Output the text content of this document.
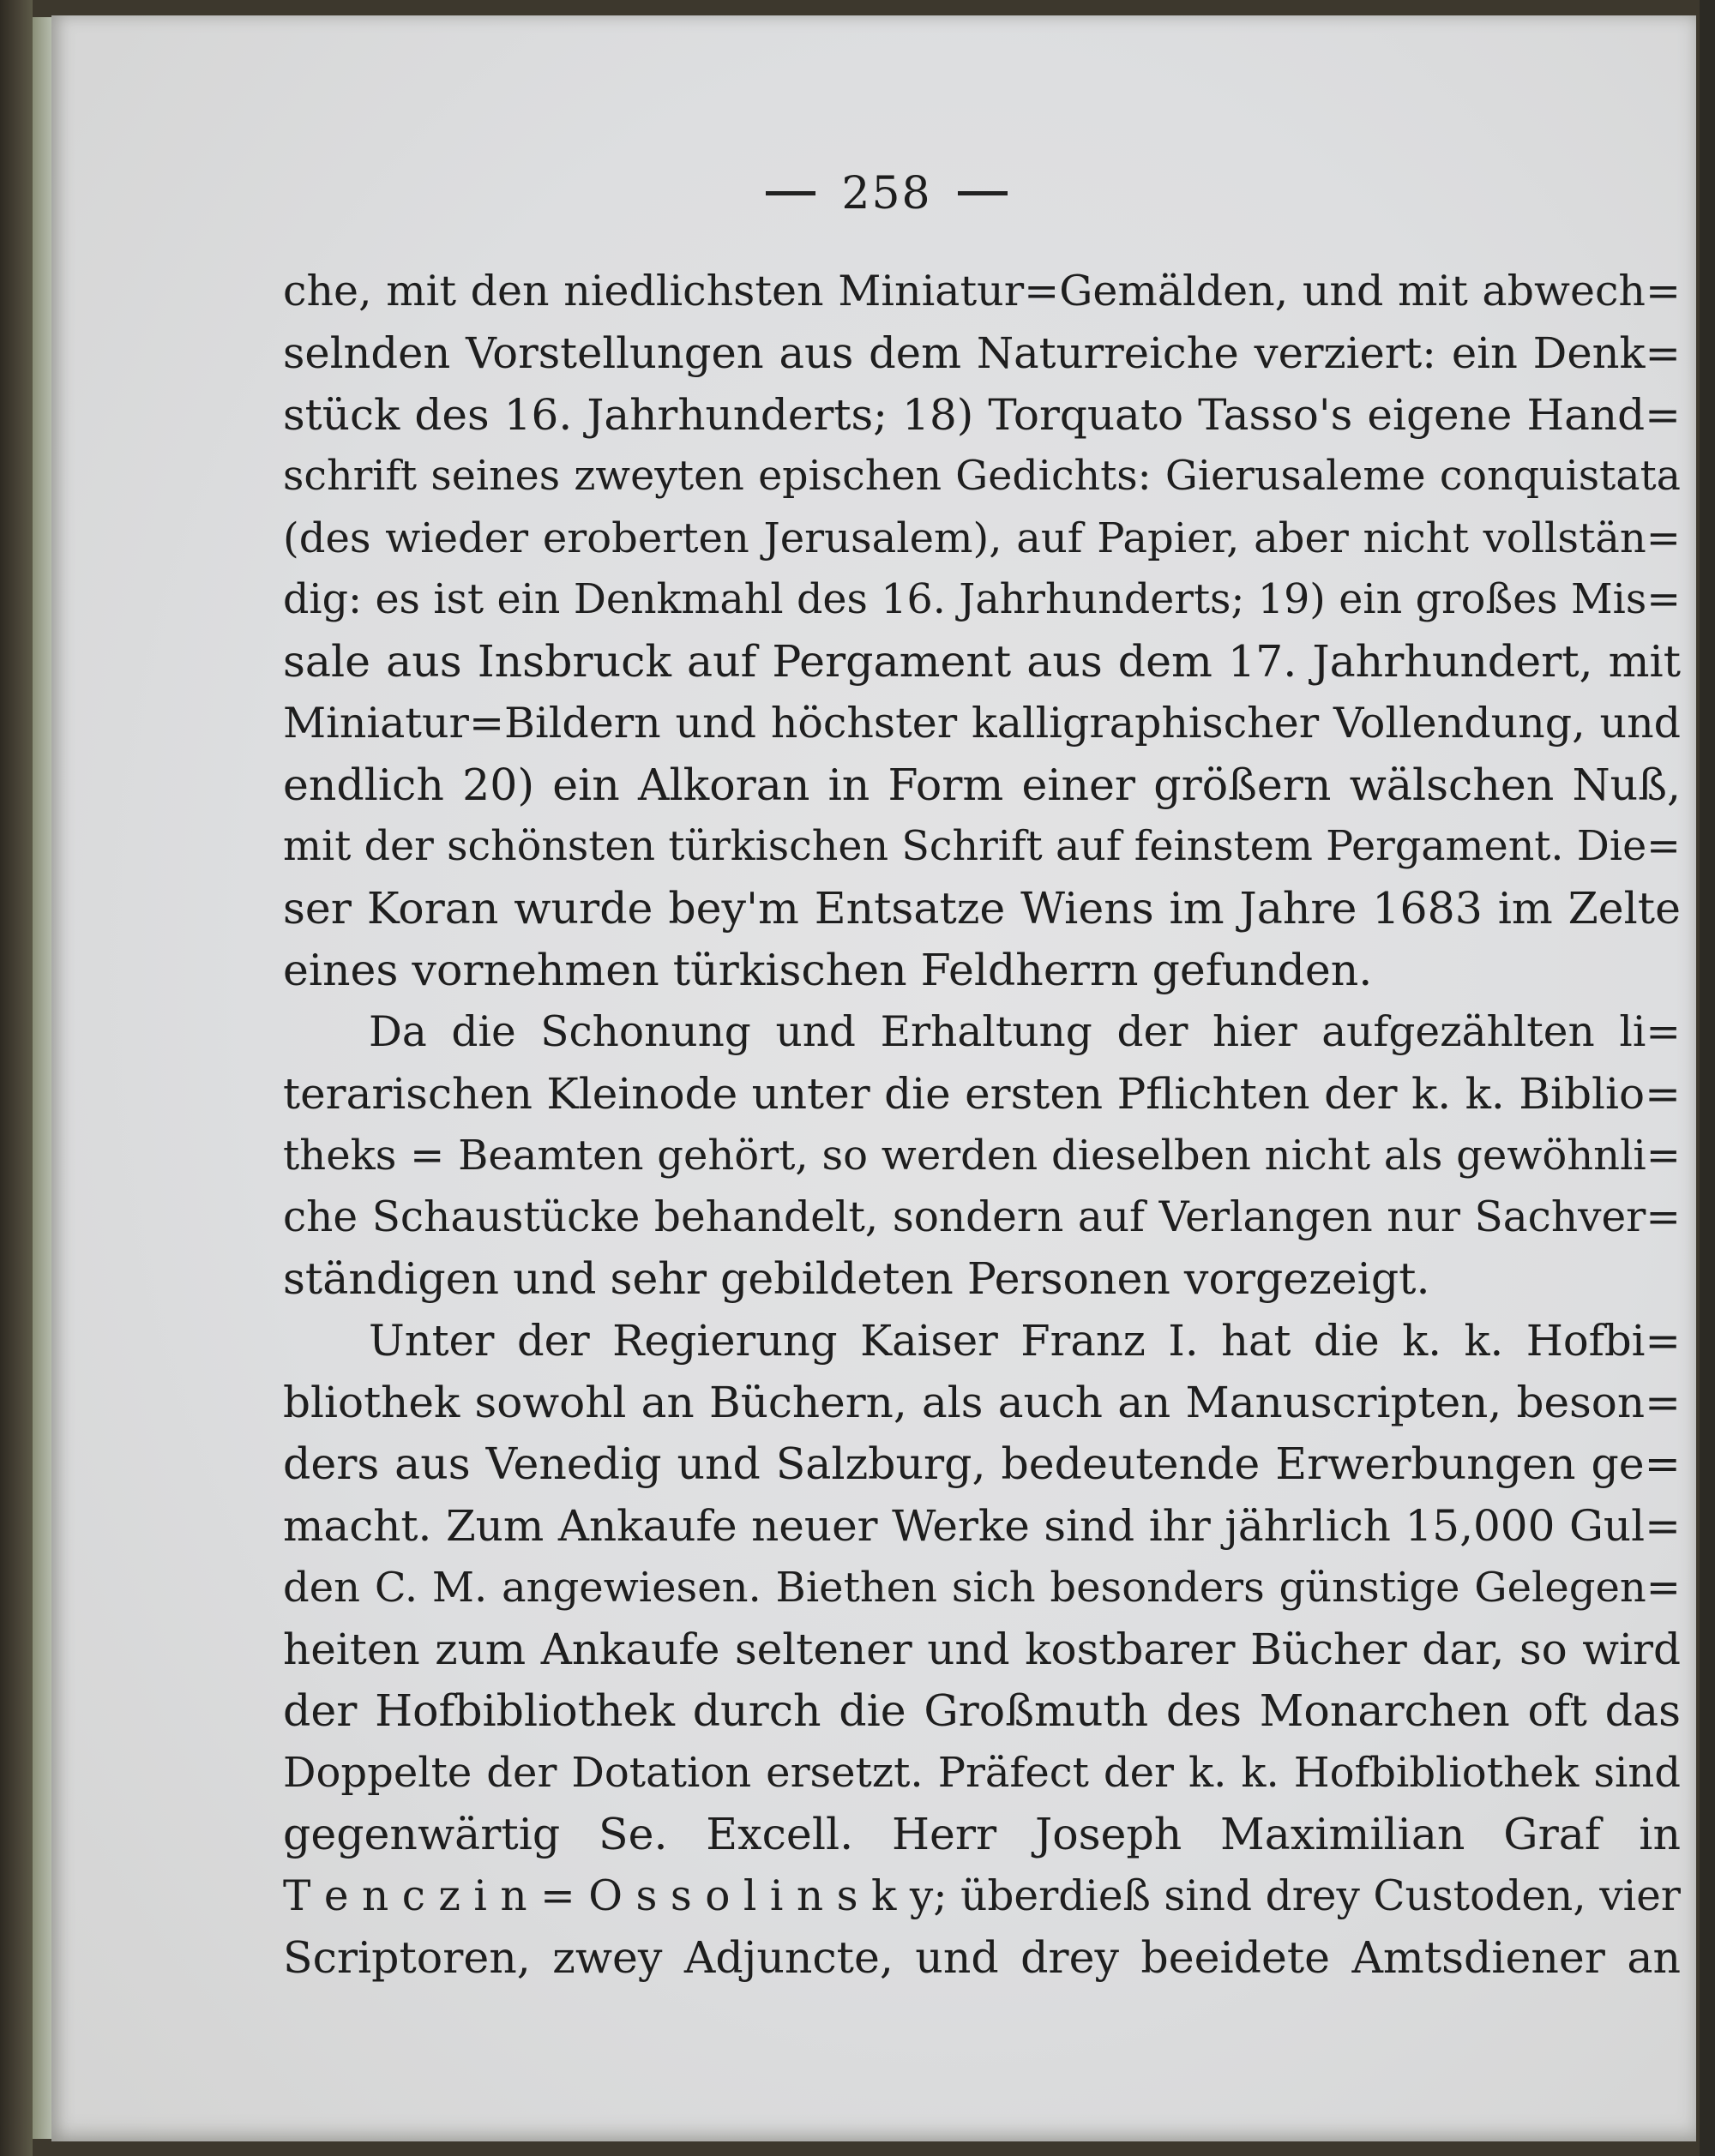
258
che, mit den niedlichsten Miniatur=Gemälden, und mit abwech=
selnden Vorstellungen aus dem Naturreiche verziert: ein Denk=
stück des 16. Jahrhunderts; 18) Torquato Tasso's eigene Hand=
schrift seines zweyten epischen Gedichts: Gierusaleme conquistata
(des wieder eroberten Jerusalem), auf Papier, aber nicht vollstän=
dig: es ist ein Denkmahl des 16. Jahrhunderts; 19) ein großes Mis=
sale aus Insbruck auf Pergament aus dem 17. Jahrhundert, mit
Miniatur=Bildern und höchster kalligraphischer Vollendung, und
endlich 20) ein Alkoran in Form einer größern wälschen Nuß,
mit der schönsten türkischen Schrift auf feinstem Pergament. Die=
ser Koran wurde bey'm Entsatze Wiens im Jahre 1683 im Zelte
eines vornehmen türkischen Feldherrn gefunden.
Da die Schonung und Erhaltung der hier aufgezählten li=
terarischen Kleinode unter die ersten Pflichten der k. k. Biblio=
theks = Beamten gehört, so werden dieselben nicht als gewöhnli=
che Schaustücke behandelt, sondern auf Verlangen nur Sachver=
ständigen und sehr gebildeten Personen vorgezeigt.
Unter der Regierung Kaiser Franz I. hat die k. k. Hofbi=
bliothek sowohl an Büchern, als auch an Manuscripten, beson=
ders aus Venedig und Salzburg, bedeutende Erwerbungen ge=
macht. Zum Ankaufe neuer Werke sind ihr jährlich 15,000 Gul=
den C. M. angewiesen. Biethen sich besonders günstige Gelegen=
heiten zum Ankaufe seltener und kostbarer Bücher dar, so wird
der Hofbibliothek durch die Großmuth des Monarchen oft das
Doppelte der Dotation ersetzt. Präfect der k. k. Hofbibliothek sind
gegenwärtig Se. Excell. Herr Joseph Maximilian Graf in
T e n c z i n = O s s o l i n s k y; überdieß sind drey Custoden, vier
Scriptoren, zwey Adjuncte, und drey beeidete Amtsdiener an
